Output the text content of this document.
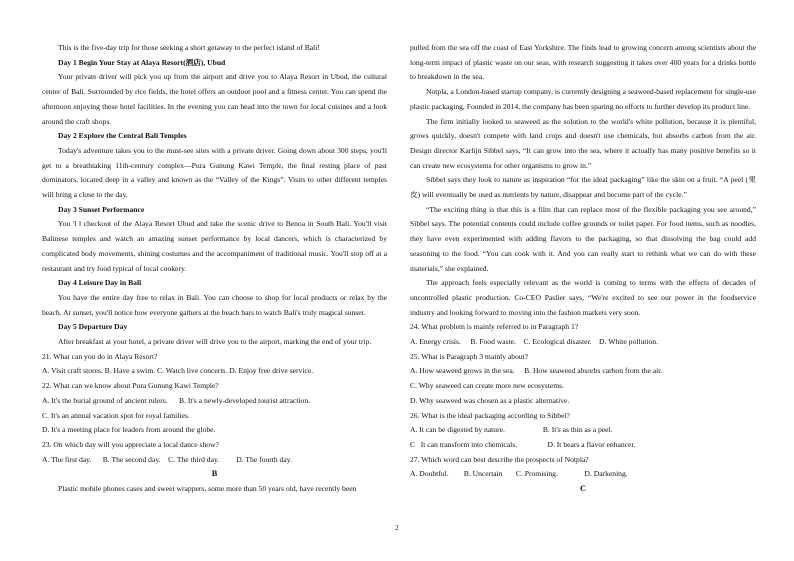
This is the five-day trip for those seeking a short getaway to the perfect island of Bali!

Day 1 Begin Your Stay at Alaya Resort(酒店), Ubud

Your private driver will pick you up from the airport and drive you to Alaya Resort in Ubud, the cultural center of Bali. Surrounded by rice fields, the hotel offers an outdoor pool and a fitness center. You can spend the afternoon enjoying these hotel facilities. In the evening you can head into the town for local cuisines and a look around the craft shops.

Day 2 Explore the Central Bali Temples

Today's adventure takes you to the must-see sites with a private driver. Going down about 300 steps, you'll get to a breathtaking 11th-century complex—Pura Gunung Kawi Temple, the final resting place of past dominators, located deep in a valley and known as the “Valley of the Kings”. Visits to other different temples will bring a close to the day.

Day 3 Sunset Performance

You 'l l checkout of the Alaya Resort Ubud and take the scenic drive to Benoa in South Bali. You'll visit Balinese temples and watch an amazing sunset performance by local dancers, which is characterized by complicated body movements, shining costumes and the accompaniment of traditional music. You'll stop off at a restaurant and try food typical of local cookery.

Day 4 Leisure Day in Bali

You have the entire day free to relax in Bali. You can choose to shop for local products or relax by the beach. At sunset, you'll notice how everyone gathers at the beach bars to watch Bali's truly magical sunset.

Day 5 Departure Day

After breakfast at your hotel, a private driver will drive you to the airport, marking the end of your trip.

21. What can you do in Alaya Resort?

A. Visit craft stores. B. Have a swim. C. Watch live concerts. D. Enjoy free drive service.

22. What can we know about Pura Gunung Kawi Temple?

A. It's the burial ground of ancient rulers.      B. It's a newly-developed tourist attraction.

C. It's an annual vacation spot for royal families.

D. It's a meeting place for leaders from around the globe.

23. On which day will you appreciate a local dance show?

A. The first day.      B. The second day.    C. The third day.         D. The fourth day.

B

Plastic mobile phones cases and sweet wrappers, some more than 50 years old, have recently been

pulled from the sea off the coast of East Yorkshire. The finds lead to growing concern among scientists about the long-term impact of plastic waste on our seas, with research suggesting it takes over 400 years for a drinks bottle to breakdown in the sea.

Notpla, a London-based startup company, is currently designing a seaweed-based replacement for single-use plastic packaging, Founded in 2014, the company has been sparing no efforts to further develop its product line.

The firm initially looked to seaweed as the solution to the world's white pollution, because it is plentiful, grows quickly, doesn't compete with land crops and doesn't use chemicals, but absorbs carbon from the air. Design director Karlijn Sibbel says, “It can grow into the sea, where it actually has many positive benefits so it can create new ecosystems for other organisms to grow in.”

Sibbel says they look to nature as inspiration “for the ideal packaging” like the skin on a fruit. “A peel (果皮) will eventually be used as nutrients by nature, disappear and become part of the cycle.”

“The exciting thing is that this is a film that can replace most of the flexible packaging you see around,” Sibbel says. The potential contents could include coffee grounds or toilet paper. For food items, such as noodles, they have even experimented with adding flavors to the packaging, so that dissolving the bag could add seasoning to the food. “You can cook with it. And you can really start to rethink what we can do with these materials,” she explained.

The approach feels especially relevant as the world is coming to terms with the effects of decades of uncontrolled plastic production. Co-CEO Paslier says, “We're excited to see our power in the foodservice industry and looking forward to moving into the fashion markets very soon.

24. What problem is mainly referred to in Paragraph 1?

A. Energy crisis.     B. Food waste.    C. Ecological disaster.    D. White pollution.

25. What is Paragraph 3 mainly about?

A. How seaweed grows in the sea.     B. How seaweed absorbs carbon from the air.

C. Why seaweed can create more new ecosystems.

D. Why seaweed was chosen as a plastic alternative.

26. What is the ideal packaging according to Sibbel?

A. It can be digested by nature.                    B. It's as thin as a peel.

C   It can transform into chemicals.                D. It bears a flavor enhancer.

27. Which word can best describe the prospects of Notpla?

A. Doubtful.        B. Uncertain       C. Promising.              D. Darkening.

C

2
